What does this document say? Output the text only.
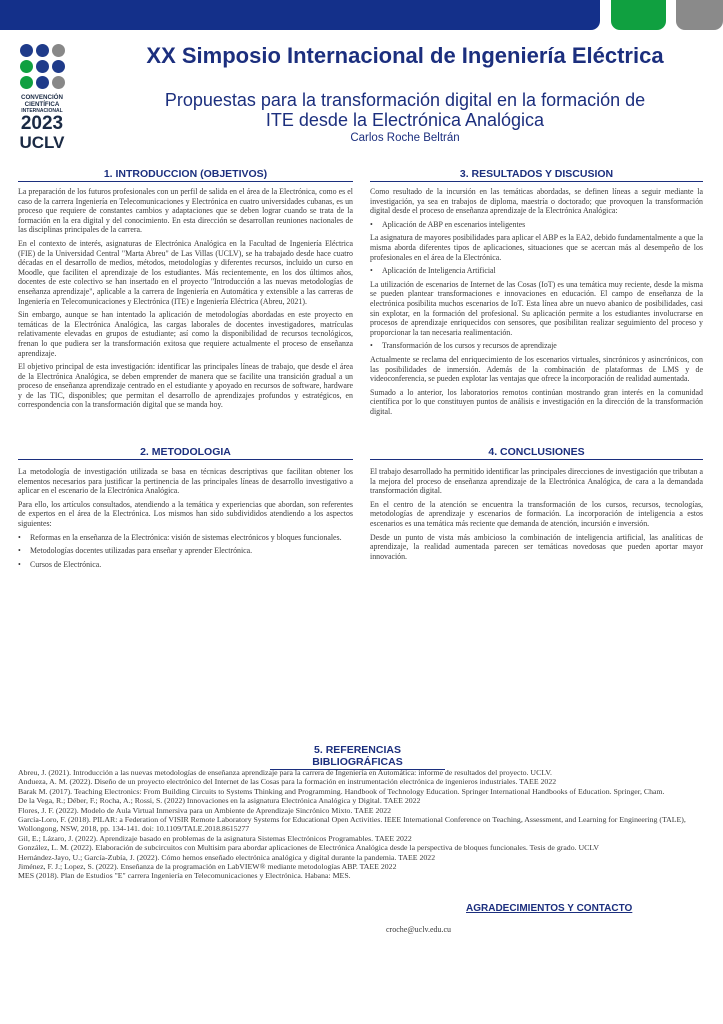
CONVENCIÓN
CIENTÍFICA
INTERNACIONAL
2023
UCLV
XX Simposio Internacional de Ingeniería Eléctrica
Propuestas para la transformación digital en la formación de
ITE desde la Electrónica Analógica
Carlos Roche Beltrán
1. INTRODUCCION (OBJETIVOS)

La preparación de los futuros profesionales con un perfil de salida en el área de la Electrónica, como es el caso de la carrera Ingeniería en Telecomunicaciones y Electrónica en cuatro universidades cubanas, es un proceso que requiere de constantes cambios y adaptaciones que se deben lograr cuando se trata de la formación en la era digital y del conocimiento. En esta dirección se desarrollan reuniones nacionales de las disciplinas principales de la carrera.

En el contexto de interés, asignaturas de Electrónica Analógica en la Facultad de Ingeniería Eléctrica (FIE) de la Universidad Central "Marta Abreu" de Las Villas (UCLV), se ha trabajado desde hace cuatro décadas en el desarrollo de medios, métodos, metodologías y diferentes recursos, incluido un curso en Moodle, que faciliten el aprendizaje de los estudiantes. Más recientemente, en los dos últimos años, docentes de este colectivo se han insertado en el proyecto "Introducción a las nuevas metodologías de enseñanza aprendizaje", aplicable a la carrera de Ingeniería en Automática y extensible a las carreras de Ingeniería en Telecomunicaciones y Electrónica (ITE) e Ingeniería Eléctrica (Abreu, 2021).

Sin embargo, aunque se han intentado la aplicación de metodologías abordadas en este proyecto en temáticas de la Electrónica Analógica, las cargas laborales de docentes investigadores, matrículas relativamente elevadas en grupos de estudiante; así como la disponibilidad de recursos tecnológicos, frenan lo que pudiera ser la transformación exitosa que requiere actualmente el proceso de enseñanza aprendizaje.

El objetivo principal de esta investigación: identificar las principales líneas de trabajo, que desde el área de la Electrónica Analógica, se deben emprender de manera que se facilite una transición gradual a un proceso de enseñanza aprendizaje centrado en el estudiante y apoyado en recursos de software, hardware y de las TIC, disponibles; que permitan el desarrollo de aprendizajes profundos y estratégicos, en correspondencia con la transformación digital que se manda hoy.

2. METODOLOGIA

La metodología de investigación utilizada se basa en técnicas descriptivas que facilitan obtener los elementos necesarios para justificar la pertinencia de las principales líneas de desarrollo investigativo a aplicar en el escenario de la Electrónica Analógica.

Para ello, los artículos consultados, atendiendo a la temática y experiencias que abordan, son referentes de expertos en el área de la Electrónica. Los mismos han sido subdivididos atendiendo a los aspectos siguientes:

•	Reformas en la enseñanza de la Electrónica: visión de sistemas electrónicos y bloques funcionales.
•	Metodologías docentes utilizadas para enseñar y aprender Electrónica.
•	Cursos de Electrónica.
3. RESULTADOS Y DISCUSION

Como resultado de la incursión en las temáticas abordadas, se definen líneas a seguir mediante la investigación, ya sea en trabajos de diploma, maestría o doctorado; que provoquen la transformación digital desde el proceso de enseñanza aprendizaje de la Electrónica Analógica:

•	Aplicación de ABP en escenarios inteligentes

La asignatura de mayores posibilidades para aplicar el ABP es la EA2, debido fundamentalmente a que la misma aborda diferentes tipos de aplicaciones, situaciones que se acercan más al desempeño de los profesionales en el área de la Electrónica.

•	Aplicación de Inteligencia Artificial

La utilización de escenarios de Internet de las Cosas (IoT) es una temática muy reciente, desde la misma se pueden plantear transformaciones e innovaciones en educación. El campo de enseñanza de la electrónica posibilita muchos escenarios de IoT. Esta línea abre un nuevo abanico de posibilidades, casi sin explotar, en la formación del profesional. Su aplicación permite a los estudiantes involucrarse en procesos de aprendizaje enriquecidos con sensores, que posibilitan realizar seguimiento del proceso y proporcionar la tan necesaria realimentación.

•	Transformación de los cursos y recursos de aprendizaje

Actualmente se reclama del enriquecimiento de los escenarios virtuales, sincrónicos y asincrónicos, con las posibilidades de inmersión. Además de la combinación de plataformas de LMS y de videoconferencia, se pueden explotar las ventajas que ofrece la incorporación de realidad aumentada.

Sumado a lo anterior, los laboratorios remotos continúan mostrando gran interés en la comunidad científica por lo que constituyen puntos de análisis e investigación en la dirección de la transformación digital.

4. CONCLUSIONES

El trabajo desarrollado ha permitido identificar las principales direcciones de investigación que tributan a la mejora del proceso de enseñanza aprendizaje de la Electrónica Analógica, de cara a la demandada transformación digital.

En el centro de la atención se encuentra la transformación de los cursos, recursos, tecnologías, metodologías de aprendizaje y escenarios de formación. La incorporación de inteligencia a estos escenarios es una temática más reciente que demanda de atención, incursión e inversión.

Desde un punto de vista más ambicioso la combinación de inteligencia artificial, las analíticas de aprendizaje, la realidad aumentada parecen ser temáticas novedosas que pueden aportar mayor innovación.

5. REFERENCIAS BIBLIOGRÁFICAS
Abreu, J. (2021). Introducción a las nuevas metodologías de enseñanza aprendizaje para la carrera de Ingeniería en Automática: informe de resultados del proyecto. UCLV.
Andueza, A. M. (2022). Diseño de un proyecto electrónico del Internet de las Cosas para la formación en instrumentación electrónica de ingenieros industriales. TAEE 2022
Barak M. (2017). Teaching Electronics: From Building Circuits to Systems Thinking and Programming. Handbook of Technology Education. Springer International Handbooks of Education. Springer, Cham.
De la Vega, R.; Déber, F.; Rocha, A.; Rossi, S. (2022) Innovaciones en la asignatura Electrónica Analógica y Digital. TAEE 2022
Flores, J. F. (2022). Modelo de Aula Virtual Inmersiva para un Ambiente de Aprendizaje Sincrónico Mixto. TAEE 2022
García-Loro, F. (2018). PILAR: a Federation of VISIR Remote Laboratory Systems for Educational Open Activities. IEEE International Conference on Teaching, Assessment, and Learning for Engineering (TALE), Wollongong, NSW, 2018, pp. 134-141. doi: 10.1109/TALE.2018.8615277
Gil, E.; Lázaro, J. (2022). Aprendizaje basado en problemas de la asignatura Sistemas Electrónicos Programables. TAEE 2022
González, L. M. (2022). Elaboración de subcircuitos con Multisim para abordar aplicaciones de Electrónica Analógica desde la perspectiva de bloques funcionales. Tesis de grado. UCLV
Hernández-Jayo, U.; García-Zubía, J. (2022). Cómo hemos enseñado electrónica analógica y digital durante la pandemia. TAEE 2022
Jiménez, F. J.; Lopez, S. (2022). Enseñanza de la programación en LabVIEW® mediante metodologías ABP. TAEE 2022
MES (2018). Plan de Estudios "E" carrera Ingeniería en Telecomunicaciones y Electrónica. Habana: MES.
AGRADECIMIENTOS Y CONTACTO
croche@uclv.edu.cu
